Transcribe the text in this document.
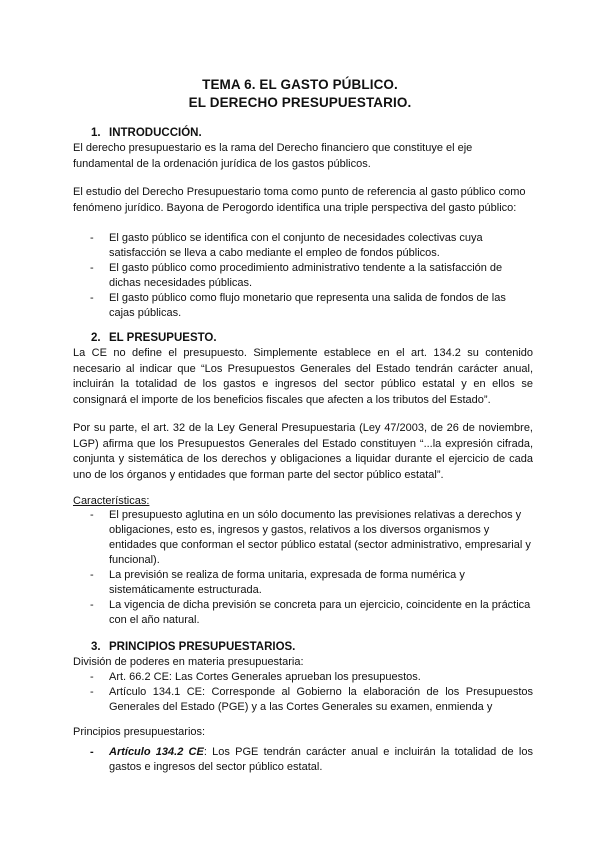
TEMA 6. EL GASTO PÚBLICO.
EL DERECHO PRESUPUESTARIO.
1. INTRODUCCIÓN.

El derecho presupuestario es la rama del Derecho financiero que constituye el eje fundamental de la ordenación jurídica de los gastos públicos.

El estudio del Derecho Presupuestario toma como punto de referencia al gasto público como fenómeno jurídico. Bayona de Perogordo identifica una triple perspectiva del gasto público:

- El gasto público se identifica con el conjunto de necesidades colectivas cuya satisfacción se lleva a cabo mediante el empleo de fondos públicos.
- El gasto público como procedimiento administrativo tendente a la satisfacción de dichas necesidades públicas.
- El gasto público como flujo monetario que representa una salida de fondos de las cajas públicas.
2. EL PRESUPUESTO.

La CE no define el presupuesto. Simplemente establece en el art. 134.2 su contenido necesario al indicar que “Los Presupuestos Generales del Estado tendrán carácter anual, incluirán la totalidad de los gastos e ingresos del sector público estatal y en ellos se consignará el importe de los beneficios fiscales que afecten a los tributos del Estado”.

Por su parte, el art. 32 de la Ley General Presupuestaria (Ley 47/2003, de 26 de noviembre, LGP) afirma que los Presupuestos Generales del Estado constituyen “...la expresión cifrada, conjunta y sistemática de los derechos y obligaciones a liquidar durante el ejercicio de cada uno de los órganos y entidades que forman parte del sector público estatal”.

Características:
- El presupuesto aglutina en un sólo documento las previsiones relativas a derechos y obligaciones, esto es, ingresos y gastos, relativos a los diversos organismos y entidades que conforman el sector público estatal (sector administrativo, empresarial y funcional).
- La previsión se realiza de forma unitaria, expresada de forma numérica y sistemáticamente estructurada.
- La vigencia de dicha previsión se concreta para un ejercicio, coincidente en la práctica con el año natural.
3. PRINCIPIOS PRESUPUESTARIOS.
División de poderes en materia presupuestaria:
- Art. 66.2 CE: Las Cortes Generales aprueban los presupuestos.
- Artículo 134.1 CE: Corresponde al Gobierno la elaboración de los Presupuestos Generales del Estado (PGE) y a las Cortes Generales su examen, enmienda y
Principios presupuestarios:
- Artículo 134.2 CE: Los PGE tendrán carácter anual e incluirán la totalidad de los gastos e ingresos del sector público estatal.
